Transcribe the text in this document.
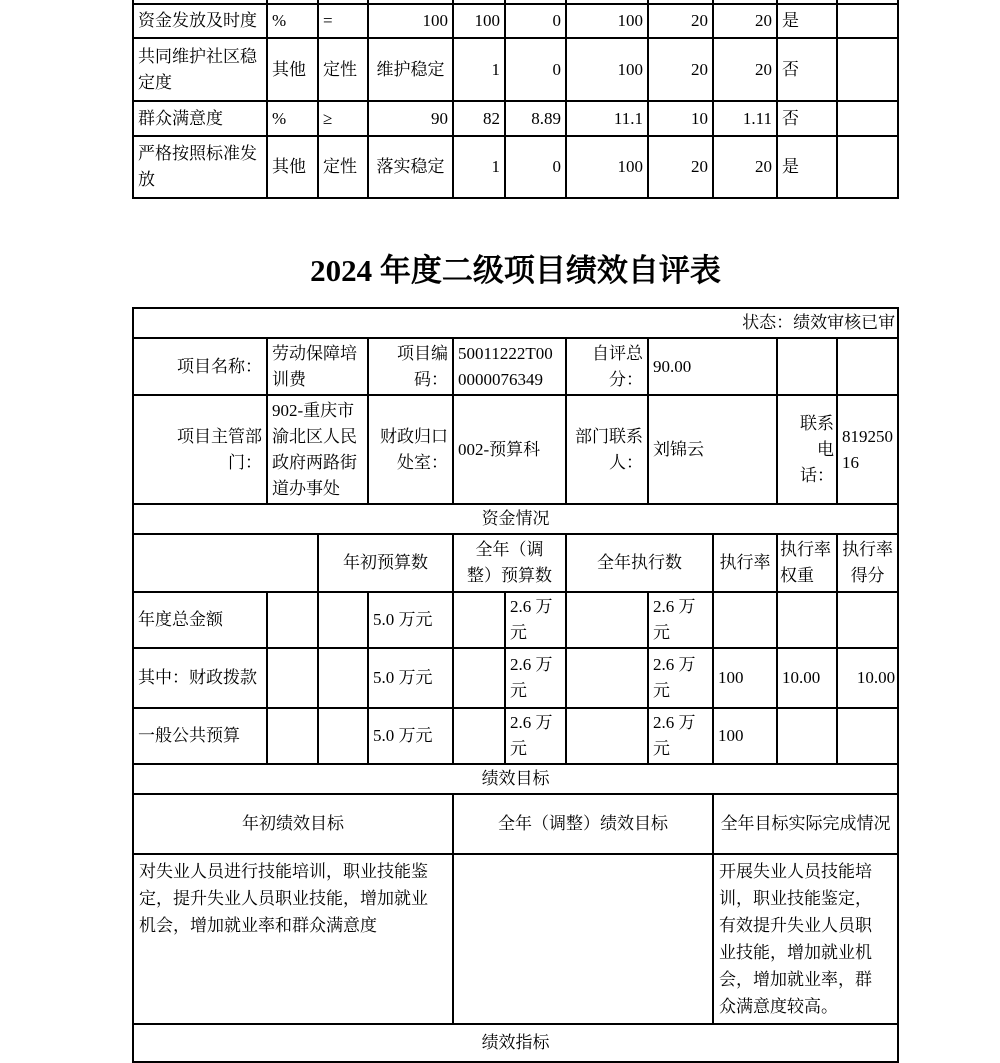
资金发放及时度	%	=	100	100	0	100	20	20	是	
共同维护社区稳定度	其他	定性	维护稳定	1	0	100	20	20	否	
群众满意度	%	≥	90	82	8.89	11.1	10	1.11	否	
严格按照标准发放	其他	定性	落实稳定	1	0	100	20	20	是	
2024 年度二级项目绩效自评表
状态：绩效审核已审										
项目名称：	劳动保障培训费		项目编码：	50011222T000000076349		自评总分：	90.00			
项目主管部门：	902-重庆市渝北区人民政府两路街道办事处		财政归口处室：	002-预算科		部门联系人：	刘锦云		联系电话：	81925016
资金情况										
		年初预算数		全年（调整）预算数		全年执行数		执行率	执行率权重	执行率得分
年度总金额			5.0 万元		2.6 万元		2.6 万元			
其中：财政拨款			5.0 万元		2.6 万元		2.6 万元	100	10.00	10.00
一般公共预算			5.0 万元		2.6 万元		2.6 万元	100		
绩效目标										
年初绩效目标				全年（调整）绩效目标				全年目标实际完成情况		
对失业人员进行技能培训，职业技能鉴定，提升失业人员职业技能，增加就业机会，增加就业率和群众满意度								开展失业人员技能培训，职业技能鉴定，有效提升失业人员职业技能，增加就业机会，增加就业率，群众满意度较高。		
绩效指标										
